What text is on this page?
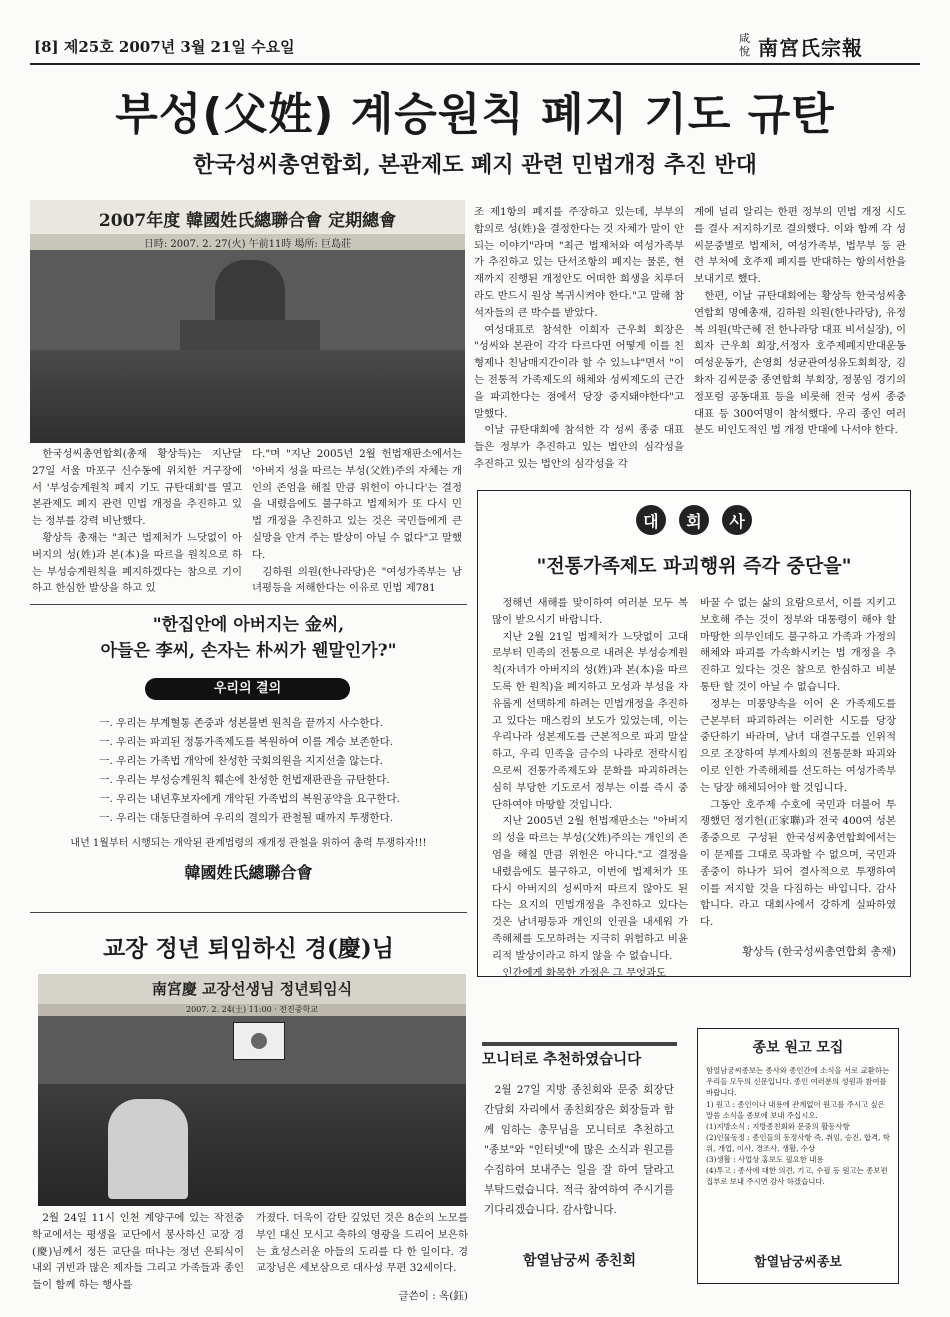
[8] 제25호 2007년 3월 21일 수요일	咸
悅 南宮氏宗報
부성(父姓) 계승원칙 폐지 기도 규탄
한국성씨총연합회, 본관제도 폐지 관련 민법개정 추진 반대
2007年度 韓國姓氏總聯合會 定期總會
日時: 2007. 2. 27(火) 午前11時 場所: 巨島莊

한국성씨총연합회(총재 황상득)는 지난달 27일 서울 마포구 신수동에 위치한 거구장에서 '부성승계원칙 폐지 기도 규탄대회'를 열고 본관제도 폐지 관련 민법 개정을 추진하고 있는 정부를 강력 비난했다.

황상득 총재는 "최근 법제처가 느닷없이 아버지의 성(姓)과 본(本)을 따르을 원칙으로 하는 부성승계원칙을 폐지하겠다는 참으로 기이하고 한심한 발상을 하고 있

다."며 "지난 2005년 2월 헌법재판소에서는 '아버지 성을 따르는 부성(父姓)주의 자체는 개인의 존엄을 해칠 만큼 위헌이 아니다'는 결정을 내렸음에도 불구하고 법제처가 또 다시 민법 개정을 추진하고 있는 것은 국민들에게 큰 실망을 안겨 주는 발상이 아닐 수 없다"고 말했다.

김하원 의원(한나라당)은 "여성가족부는 남녀평등을 저해한다는 이유로 민법 제781

조 제1항의 폐지를 주장하고 있는데, 부부의 합의로 성(姓)을 결정한다는 것 자체가 말이 안되는 이야기"라며 "최근 법제처와 여성가족부가 추진하고 있는 단서조항의 폐지는 물론, 현재까지 진행된 개정안도 어떠한 희생을 치루더라도 반드시 원상 복귀시켜야 한다."고 말해 참석자들의 큰 박수를 받았다.

여성대표로 참석한 이희자 근우회 회장은 "성씨와 본관이 각각 다르다면 어떻게 이를 친형제나 친남매지간이라 할 수 있느냐"면서 "이는 전통적 가족제도의 해체와 성씨제도의 근간을 파괴한다는 점에서 당장 중지돼야한다"고 말했다.

이날 규탄대회에 참석한 각 성씨 종중 대표들은 정부가 추진하고 있는 법안의 심각성을 추진하고 있는 법안의 심각성을 각

계에 널리 알리는 한편 정부의 민법 개정 시도를 결사 저지하기로 결의했다. 이와 함께 각 성씨문중별로 법제처, 여성가족부, 법무부 등 관련 부처에 호주제 폐지를 반대하는 항의서한을 보내기로 했다.

한편, 이날 규탄대회에는 황상득 한국성씨총연합회 명예총재, 김하원 의원(한나라당), 유정복 의원(박근혜 전 한나라당 대표 비서실장), 이희자 근우회 회장,서정자 호주제폐지반대운동 여성운동가, 손영희 성균관여성유도회회장, 김화자 김씨문중 종연합회 부회장, 정봉임 경기의정포럼 공동대표 등을 비롯해 전국 성씨 종중 대표 등 300여명이 참석했다. 우리 종인 여러분도 비인도적인 법 개정 반대에 나서야 한다.

"한집안에 아버지는 金씨,
아들은 李씨, 손자는 朴씨가 웬말인가?"
우리의 결의
一. 우리는 부계혈통 존중과 성본불변 원칙을 끝까지 사수한다.
一. 우리는 파괴된 정통가족제도를 복원하여 이를 계승 보존한다.
一. 우리는 가족법 개악에 찬성한 국회의원을 지지선출 않는다.
一. 우리는 부성승계원칙 훼손에 찬성한 헌법재판관을 규탄한다.
一. 우리는 내년후보자에게 개악된 가족법의 복원공약을 요구한다.
一. 우리는 대동단결하여 우리의 결의가 관철될 때까지 투쟁한다.
내년 1월부터 시행되는 개악된 관계법령의 재개정 관철을 위하여 총력 투쟁하자!!!
韓國姓氏總聯合會
대 회 사
"전통가족제도 파괴행위 즉각 중단을"

정해년 새해를 맞이하여 여러분 모두 복 많이 받으시기 바랍니다.

지난 2월 21일 법제처가 느닷없이 고대로부터 민족의 전통으로 내려온 부성승계원칙(자녀가 아버지의 성(姓)과 본(本)을 따르도록 한 원칙)을 폐지하고 모성과 부성을 자유롭게 선택하게 하려는 민법개정을 추진하고 있다는 매스컴의 보도가 있었는데, 이는 우리나라 성본제도를 근본적으로 파괴 말살하고, 우리 민족을 금수의 나라로 전락시킴으로써 전통가족제도와 문화를 파괴하려는 심히 부당한 기도로서 정부는 이를 즉시 중단하여야 마땅할 것입니다.

지난 2005년 2월 헌법재판소는 "아버지의 성을 따르는 부성(父姓)주의는 개인의 존엄을 해칠 만큼 위헌은 아니다."고 결정을 내렸음에도 불구하고, 이번에 법제처가 또 다시 아버지의 성씨마저 따르지 않아도 된다는 요지의 민법개정을 추진하고 있다는 것은 남녀평등과 개인의 인권을 내세워 가족해체를 도모하려는 지극히 위험하고 비윤리적 발상이라고 하지 않을 수 없습니다.

인간에게 화목한 가정은 그 무엇과도

바꿀 수 없는 삶의 요람으로서, 이를 지키고 보호해 주는 것이 정부와 대통령이 해야 할 마땅한 의무인데도 불구하고 가족과 가정의 해체와 파괴를 가속화시키는 법 개정을 추진하고 있다는 것은 참으로 한심하고 비분통탄 할 것이 아닐 수 없습니다.

정부는 미풍양속을 이어 온 가족제도를 근본부터 파괴하려는 이러한 시도를 당장 중단하기 바라며, 남녀 대결구도를 인위적으로 조장하여 부계사회의 전통문화 파괴와 이로 인한 가족해체를 선도하는 여성가족부는 당장 해체되어야 할 것입니다.

그동안 호주제 수호에 국민과 더불어 투쟁했던 정기헌(正家聯)과 전국 400여 성본종중으로 구성된 한국성씨총연합회에서는 이 문제를 그대로 묵과할 수 없으며, 국민과 종중이 하나가 되어 결사적으로 투쟁하여 이를 저지할 것을 다짐하는 바입니다. 감사합니다. 라고 대회사에서 강하게 실파하였다.

황상득 (한국성씨총연합회 총재)
교장 정년 퇴임하신 경(慶)님
南宮慶 교장선생님 정년퇴임식
2007. 2. 24(土) 11:00 · 전진중학교

2월 24일 11시 인천 계양구에 있는 작전중학교에서는 평생을 교단에서 봉사하신 교장 경(慶)님께서 정든 교단을 떠나는 정년 은퇴식이 내외 귀빈과 많은 제자들 그리고 가족들과 종인들이 함께 하는 행사를

가졌다. 더욱이 감탄 깊었던 것은 8순의 노모를 부인 대신 모시고 축하의 영광을 드리어 보은하는 효성스러운 아들의 도리를 다 한 일이다. 경교장님은 세보삼으로 대사성 무편 32세이다.

글쓴이 : 옥(鈺)
모니터로 추천하였습니다

2월 27일 지방 종친회와 문중 회장단 간담회 자리에서 종친회장은 회장들과 함께 임하는 총무님을 모니터로 추천하고 "종보"와 "인터넷"에 많은 소식과 원고를 수집하여 보내주는 일을 잘 하여 달라고 부탁드렸습니다. 적극 참여하여 주시기를 기다리겠습니다. 감사합니다.

함열남궁씨 종친회
종보 원고 모집
함열남궁씨종보는 종사와 종인간에 소식을 서로 교환하는 우리들 모두의 신문입니다. 종인 여러분의 성원과 참여를 바랍니다.
1) 원고 : 종인이나 내용에 관계없이 원고를 주시고 싶은 말씀 소식을 종보에 보내 주십시오.
(1)지방소식 : 지방종친회와 문중의 활동사항
(2)인물동정 : 종인들의 동정사항 즉, 취임, 승진, 합격, 학위, 개업, 이사, 경조사, 생활, 수상
(3)생활 : 사업상 홍보도 필요한 내용
(4)투고 : 종사에 대한 의견, 기고, 수필 등 원고는 종보편집부로 보내 주시면 감사 하겠습니다.
함열남궁씨종보
